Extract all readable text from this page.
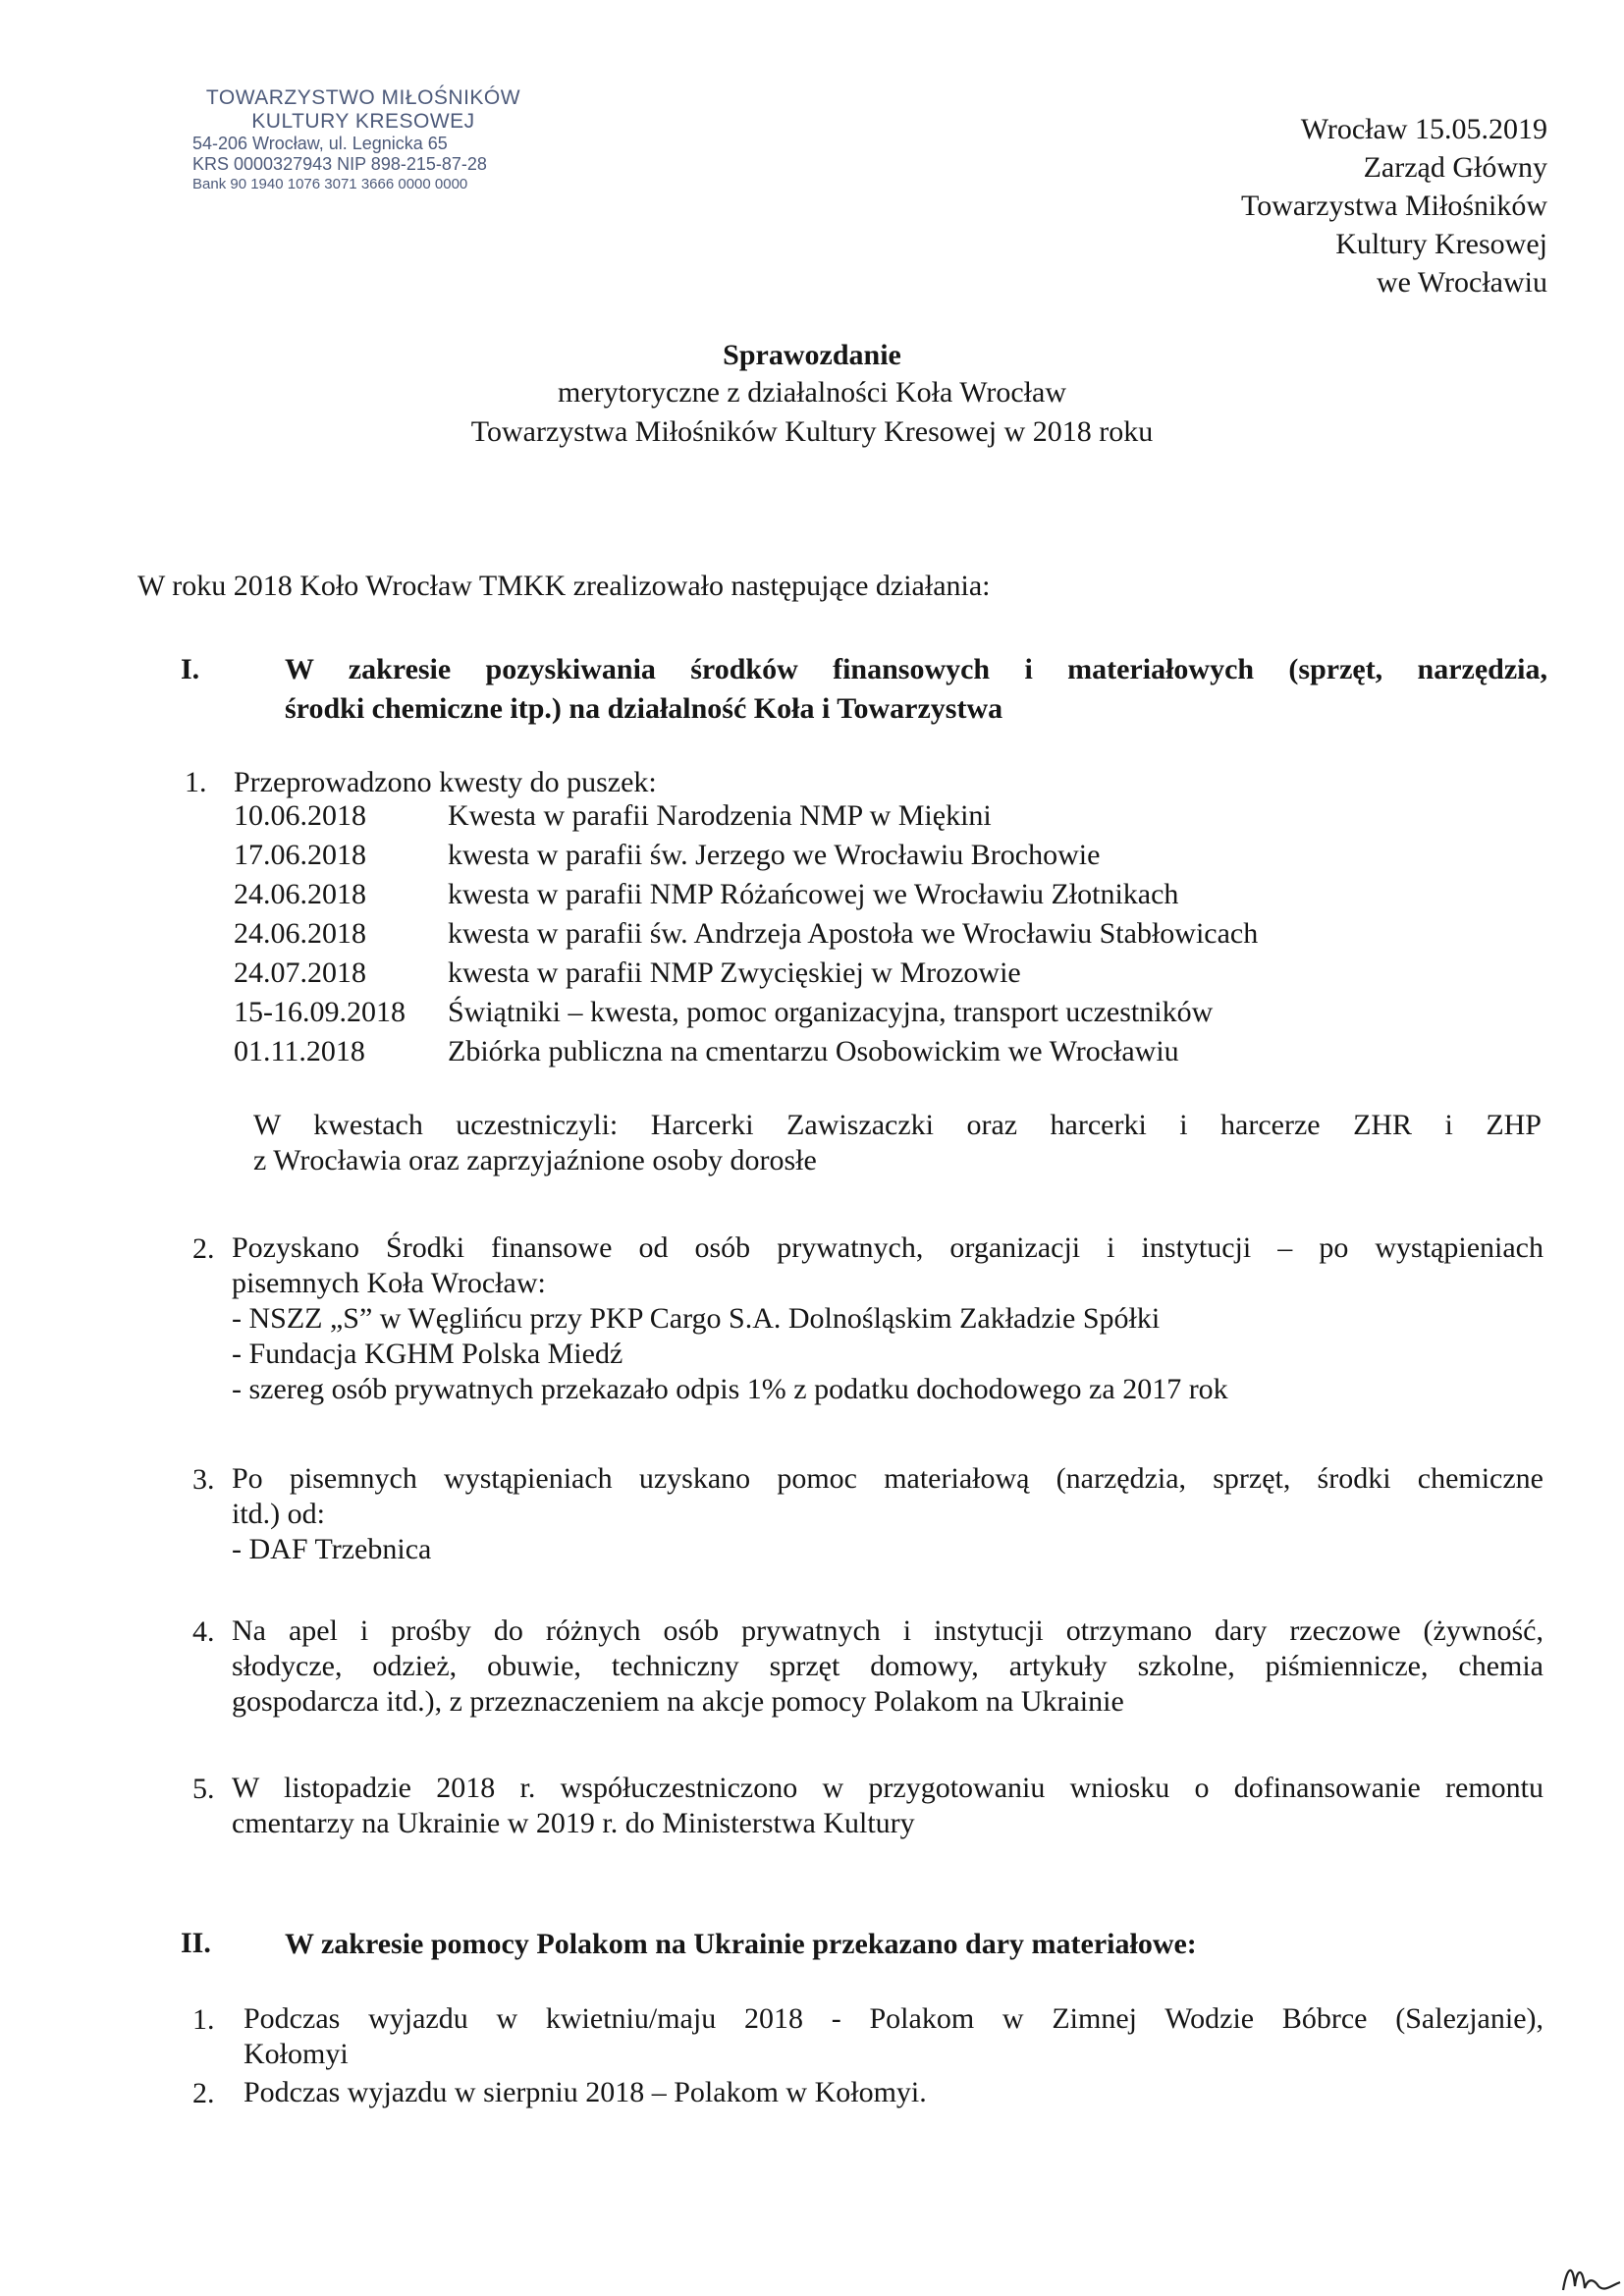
TOWARZYSTWO MIŁOŚNIKÓW
KULTURY KRESOWEJ
54-206 Wrocław, ul. Legnicka 65
KRS 0000327943 NIP 898-215-87-28
Bank 90 1940 1076 3071 3666 0000 0000
Wrocław 15.05.2019
Zarząd Główny
Towarzystwa Miłośników
Kultury Kresowej
we Wrocławiu
Sprawozdanie
merytoryczne z działalności Koła Wrocław
Towarzystwa Miłośników Kultury Kresowej w 2018 roku
W roku 2018 Koło Wrocław TMKK zrealizowało następujące działania:
I.	W zakresie pozyskiwania środków finansowych i materiałowych (sprzęt, narzędzia,
środki chemiczne itp.) na działalność Koła i Towarzystwa
1. Przeprowadzono kwesty do puszek:
10.06.2018	Kwesta w parafii Narodzenia NMP w Miękini
17.06.2018	kwesta w parafii św. Jerzego we Wrocławiu Brochowie
24.06.2018	kwesta w parafii NMP Różańcowej we Wrocławiu Złotnikach
24.06.2018	kwesta w parafii św. Andrzeja Apostoła we Wrocławiu Stabłowicach
24.07.2018	kwesta w parafii NMP Zwycięskiej w Mrozowie
15-16.09.2018	Świątniki – kwesta, pomoc organizacyjna, transport uczestników
01.11.2018	Zbiórka publiczna na cmentarzu Osobowickim we Wrocławiu
W kwestach uczestniczyli: Harcerki Zawiszaczki oraz harcerki i harcerze ZHR i ZHP
z Wrocławia oraz zaprzyjaźnione osoby dorosłe
2. Pozyskano Środki finansowe od osób prywatnych, organizacji i instytucji – po wystąpieniach
pisemnych Koła Wrocław:
- NSZZ „S” w Węglińcu przy PKP Cargo S.A. Dolnośląskim Zakładzie Spółki
- Fundacja KGHM Polska Miedź
- szereg osób prywatnych przekazało odpis 1% z podatku dochodowego za 2017 rok
3. Po pisemnych wystąpieniach uzyskano pomoc materiałową (narzędzia, sprzęt, środki chemiczne
itd.) od:
- DAF Trzebnica
4. Na apel i prośby do różnych osób prywatnych i instytucji otrzymano dary rzeczowe (żywność,
słodycze, odzież, obuwie, techniczny sprzęt domowy, artykuły szkolne, piśmiennicze, chemia
gospodarcza itd.), z przeznaczeniem na akcje pomocy Polakom na Ukrainie
5. W listopadzie 2018 r. współuczestniczono w przygotowaniu wniosku o dofinansowanie remontu
cmentarzy na Ukrainie w 2019 r. do Ministerstwa Kultury
II.	W zakresie pomocy Polakom na Ukrainie przekazano dary materiałowe:
1. Podczas wyjazdu w kwietniu/maju 2018 - Polakom w Zimnej Wodzie Bóbrce (Salezjanie),
Kołomyi
2. Podczas wyjazdu w sierpniu 2018 – Polakom w Kołomyi.
